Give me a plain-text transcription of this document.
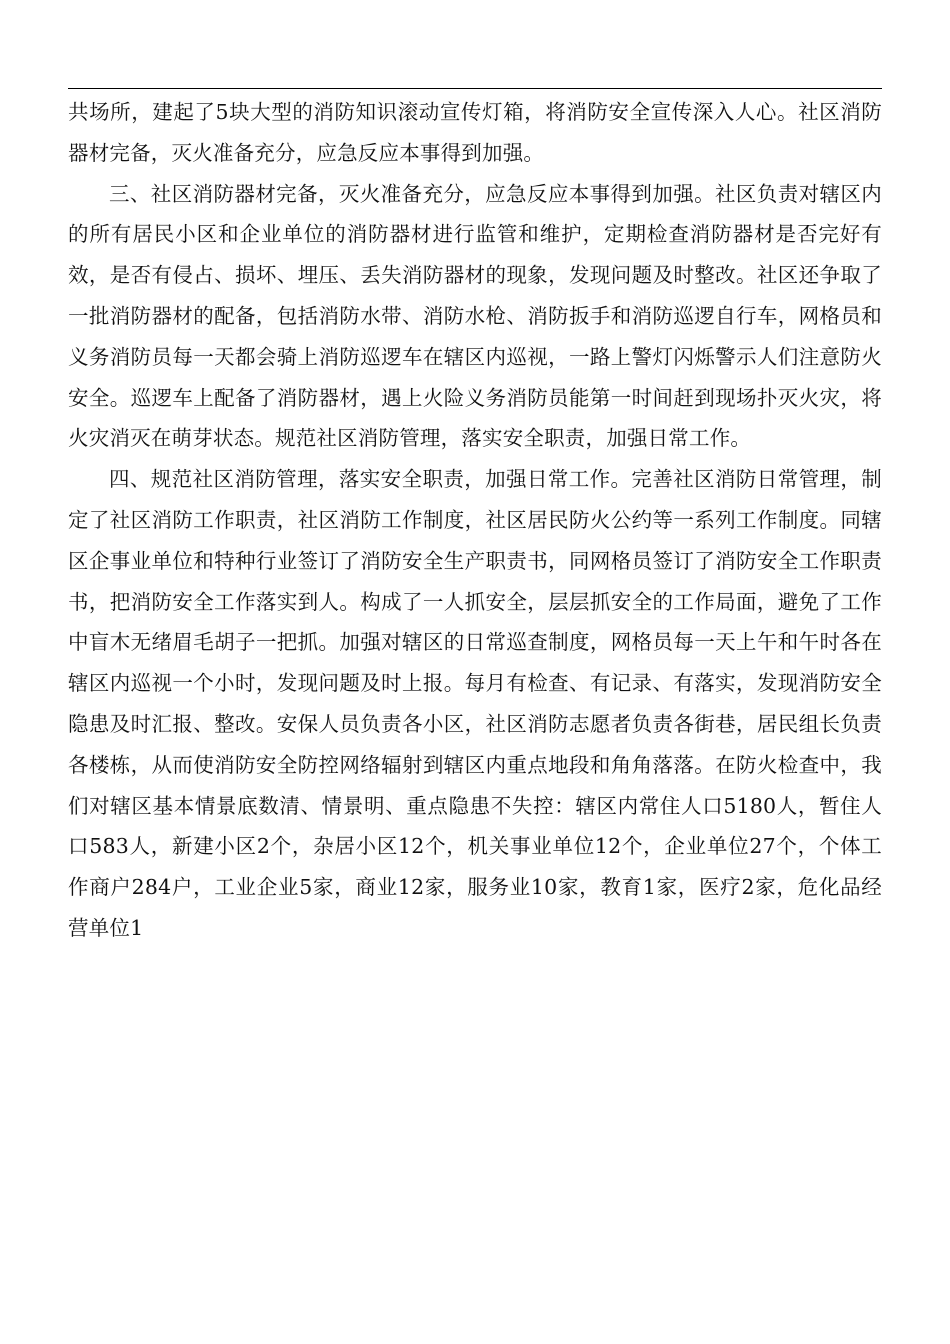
共场所，建起了5块大型的消防知识滚动宣传灯箱，将消防安全宣传深入人心。社区消防器材完备，灭火准备充分，应急反应本事得到加强。

三、社区消防器材完备，灭火准备充分，应急反应本事得到加强。社区负责对辖区内的所有居民小区和企业单位的消防器材进行监管和维护，定期检查消防器材是否完好有效，是否有侵占、损坏、埋压、丢失消防器材的现象，发现问题及时整改。社区还争取了一批消防器材的配备，包括消防水带、消防水枪、消防扳手和消防巡逻自行车，网格员和义务消防员每一天都会骑上消防巡逻车在辖区内巡视，一路上警灯闪烁警示人们注意防火安全。巡逻车上配备了消防器材，遇上火险义务消防员能第一时间赶到现场扑灭火灾，将火灾消灭在萌芽状态。规范社区消防管理，落实安全职责，加强日常工作。

四、规范社区消防管理，落实安全职责，加强日常工作。完善社区消防日常管理，制定了社区消防工作职责，社区消防工作制度，社区居民防火公约等一系列工作制度。同辖区企事业单位和特种行业签订了消防安全生产职责书，同网格员签订了消防安全工作职责书，把消防安全工作落实到人。构成了一人抓安全，层层抓安全的工作局面，避免了工作中盲木无绪眉毛胡子一把抓。加强对辖区的日常巡查制度，网格员每一天上午和午时各在辖区内巡视一个小时，发现问题及时上报。每月有检查、有记录、有落实，发现消防安全隐患及时汇报、整改。安保人员负责各小区，社区消防志愿者负责各街巷，居民组长负责各楼栋，从而使消防安全防控网络辐射到辖区内重点地段和角角落落。在防火检查中，我们对辖区基本情景底数清、情景明、重点隐患不失控：辖区内常住人口5180人，暂住人口583人，新建小区2个，杂居小区12个，机关事业单位12个，企业单位27个，个体工作商户284户，工业企业5家，商业12家，服务业10家，教育1家，医疗2家，危化品经营单位1
